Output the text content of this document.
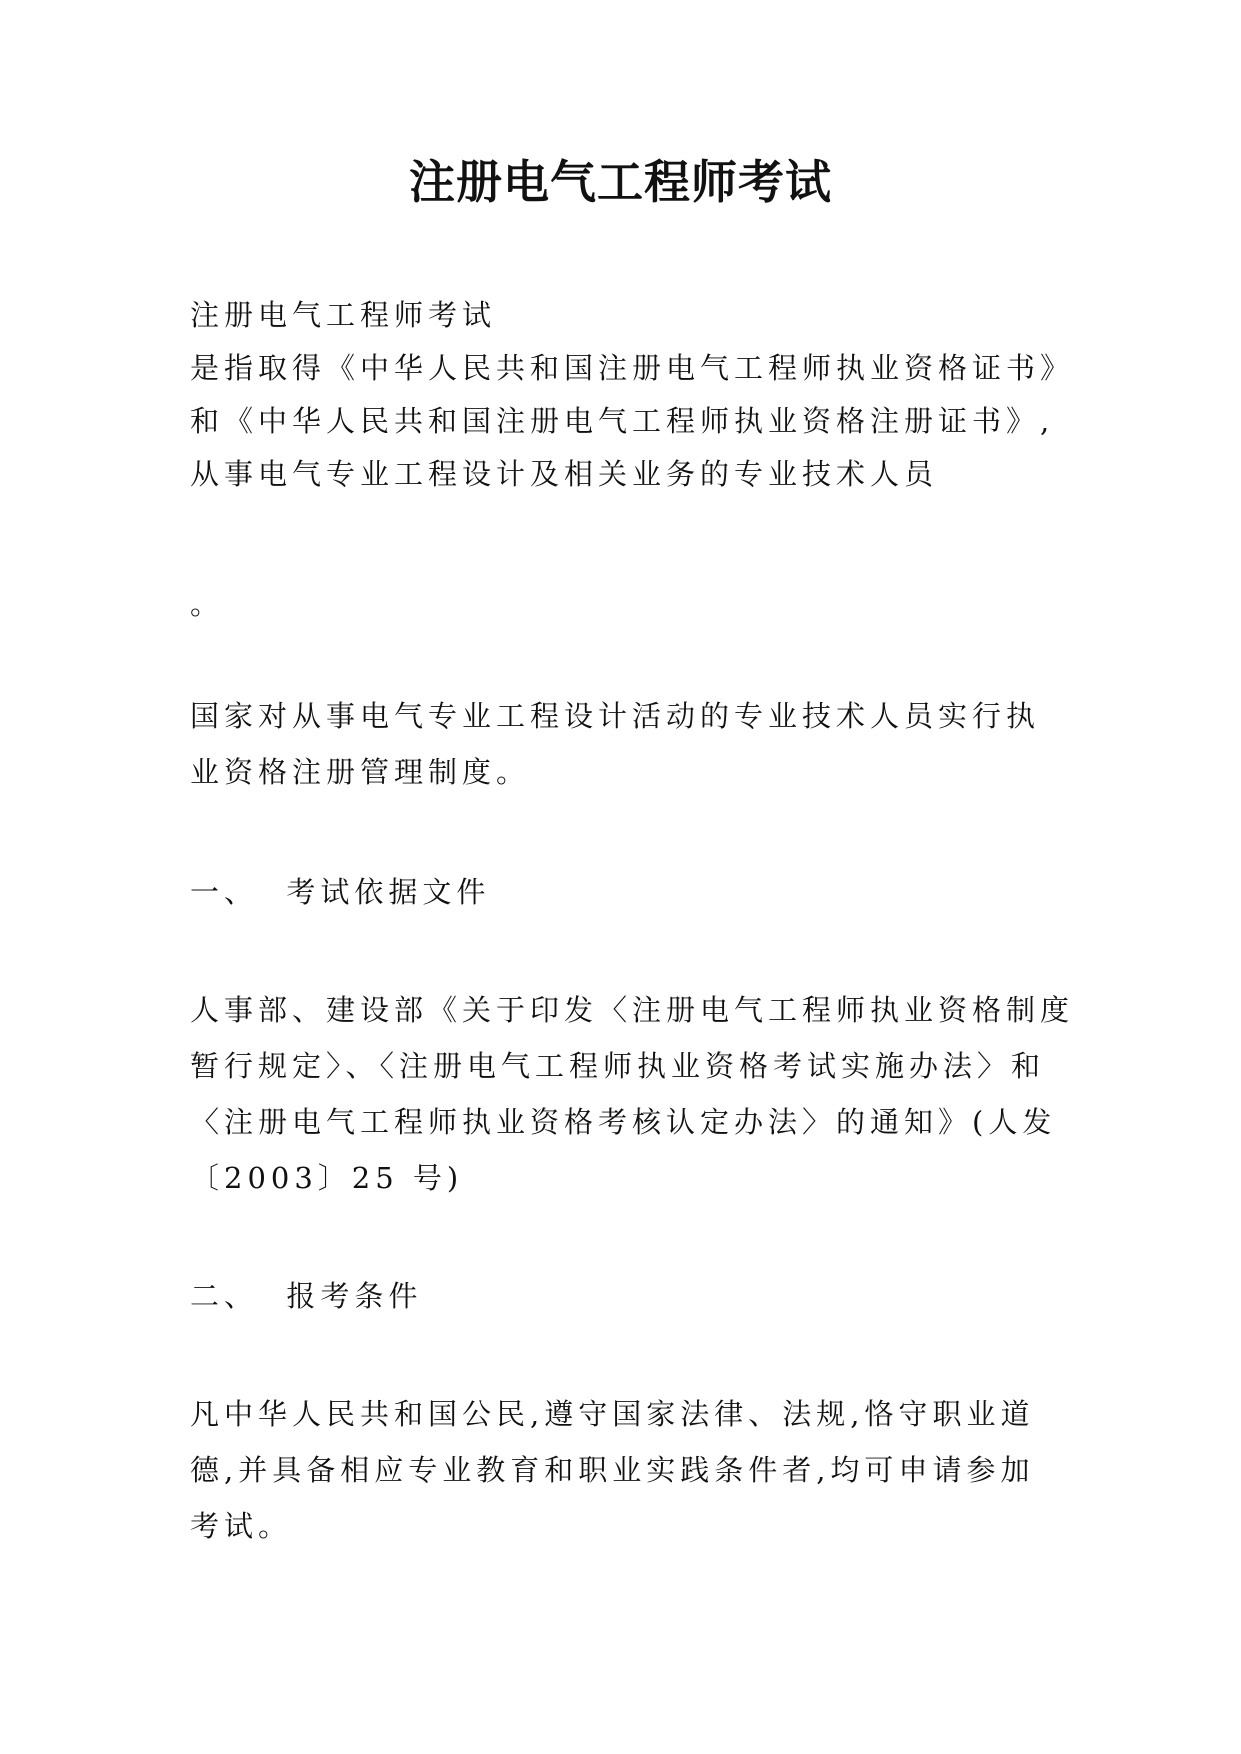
注册电气工程师考试
注册电气工程师考试
是指取得《中华人民共和国注册电气工程师执业资格证书》
和《中华人民共和国注册电气工程师执业资格注册证书》,
从事电气专业工程设计及相关业务的专业技术人员
。
国家对从事电气专业工程设计活动的专业技术人员实行执
业资格注册管理制度。
一、  考试依据文件
人事部、建设部《关于印发〈注册电气工程师执业资格制度
暂行规定〉、〈注册电气工程师执业资格考试实施办法〉和
〈注册电气工程师执业资格考核认定办法〉的通知》(人发
〔2003〕25 号)
二、  报考条件
凡中华人民共和国公民,遵守国家法律、法规,恪守职业道
德,并具备相应专业教育和职业实践条件者,均可申请参加
考试。
